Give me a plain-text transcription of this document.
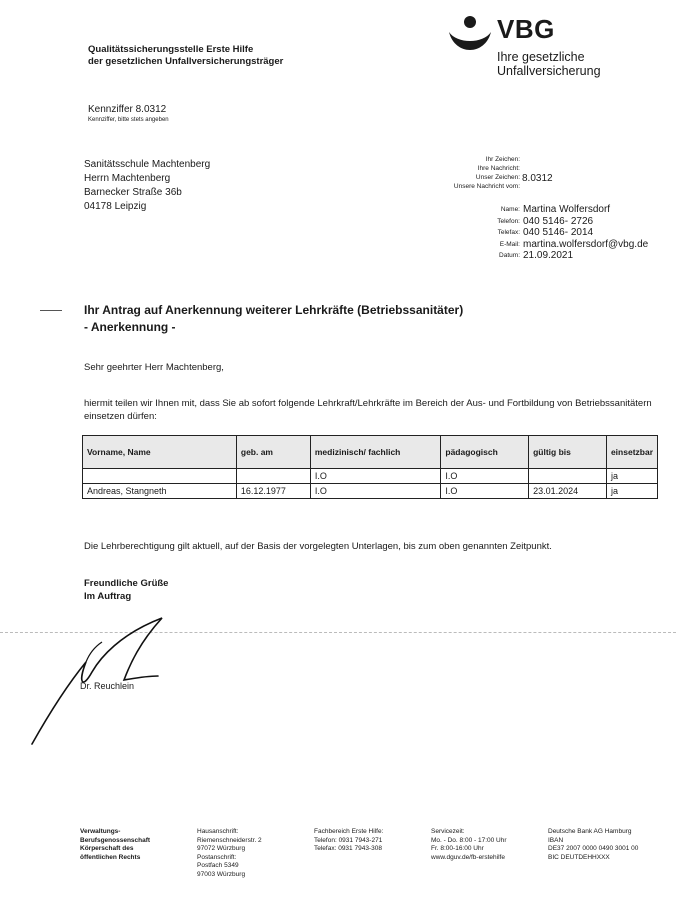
Qualitätssicherungsstelle Erste Hilfe
der gesetzlichen Unfallversicherungsträger
VBG
Ihre gesetzliche
Unfallversicherung
Kennziffer 8.0312
Kennziffer, bitte stets angeben
Sanitätsschule Machtenberg
Herrn Machtenberg
Barnecker Straße 36b
04178 Leipzig
Ihr Zeichen:
Ihre Nachricht:
Unser Zeichen:
Unsere Nachricht vom:
8.0312
Name: Martina Wolfersdorf
Telefon: 040 5146- 2726
Telefax: 040 5146- 2014
E-Mail: martina.wolfersdorf@vbg.de
Datum: 21.09.2021
Ihr Antrag auf Anerkennung weiterer Lehrkräfte (Betriebssanitäter)
- Anerkennung -
Sehr geehrter Herr Machtenberg,
hiermit teilen wir Ihnen mit, dass Sie ab sofort folgende Lehrkraft/Lehrkräfte im Bereich der Aus- und Fortbildung von Betriebssanitätern einsetzen dürfen:
Vorname, Name	geb. am	medizinisch/ fachlich	pädagogisch	gültig bis	einsetzbar
		I.O	I.O		ja
Andreas, Stangneth	16.12.1977	I.O	I.O	23.01.2024	ja
Die Lehrberechtigung gilt aktuell, auf der Basis der vorgelegten Unterlagen, bis zum oben genannten Zeitpunkt.
Freundliche Grüße
Im Auftrag
Dr. Reuchlein
Verwaltungs-
Berufsgenossenschaft
Körperschaft des
öffentlichen Rechts
Hausanschrift:
Riemenschneiderstr. 2
97072 Würzburg
Postanschrift:
Postfach 5349
97003 Würzburg
Fachbereich Erste Hilfe:
Telefon: 0931 7943-271
Telefax: 0931 7943-308
Servicezeit:
Mo. - Do. 8:00 - 17:00 Uhr
Fr. 8:00-16:00 Uhr
www.dguv.de/fb-erstehilfe
Deutsche Bank AG Hamburg
IBAN
DE37 2007 0000 0490 3001 00
BIC DEUTDEHHXXX
